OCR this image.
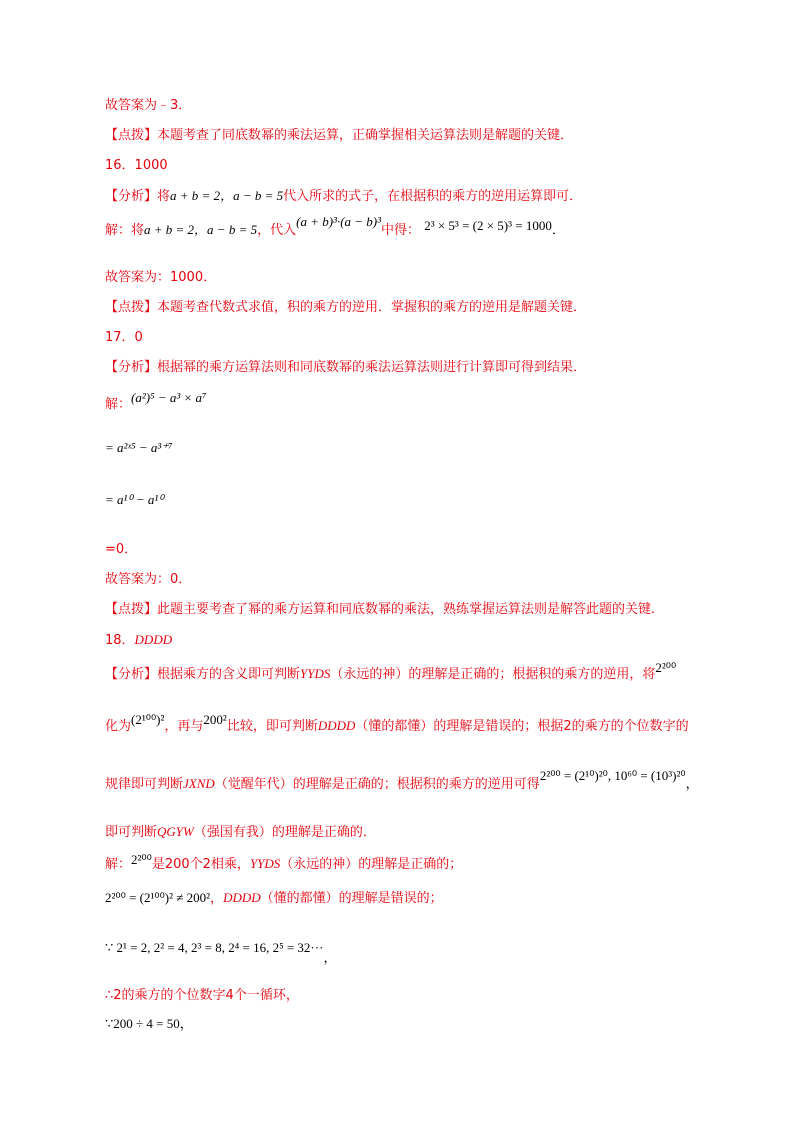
故答案为﹣3．
【点拨】本题考查了同底数幂的乘法运算，正确掌握相关运算法则是解题的关键．
16．1000
【分析】将a + b = 2，a − b = 5代入所求的式子，在根据积的乘方的逆用运算即可．
解：将a + b = 2，a − b = 5，代入(a + b)³·(a − b)³中得： 2³ × 5³ = (2 × 5)³ = 1000．
故答案为：1000．
【点拨】本题考查代数式求值，积的乘方的逆用．掌握积的乘方的逆用是解题关键．
17．0
【分析】根据幂的乘方运算法则和同底数幂的乘法运算法则进行计算即可得到结果．
解：(a²)⁵ − a³ × a⁷
= a²ˣ⁵ − a³⁺⁷
= a¹⁰ − a¹⁰
=0．
故答案为：0．
【点拨】此题主要考查了幂的乘方运算和同底数幂的乘法，熟练掌握运算法则是解答此题的关键．
18．DDDD
【分析】根据乘方的含义即可判断YYDS（永远的神）的理解是正确的；根据积的乘方的逆用，将2²⁰⁰
化为(2¹⁰⁰)²，再与200²比较，即可判断DDDD（懂的都懂）的理解是错误的；根据2的乘方的个位数字的
规律即可判断JXND（觉醒年代）的理解是正确的；根据积的乘方的逆用可得2²⁰⁰ = (2¹⁰)²⁰, 10⁶⁰ = (10³)²⁰，
即可判断QGYW（强国有我）的理解是正确的．
解：2²⁰⁰是200个2相乘，YYDS（永远的神）的理解是正确的；
2²⁰⁰ = (2¹⁰⁰)² ≠ 200²，DDDD（懂的都懂）的理解是错误的；
∵ 2¹ = 2, 2² = 4, 2³ = 8, 2⁴ = 16, 2⁵ = 32···，
∴2的乘方的个位数字4个一循环，
∵200 ÷ 4 = 50，
